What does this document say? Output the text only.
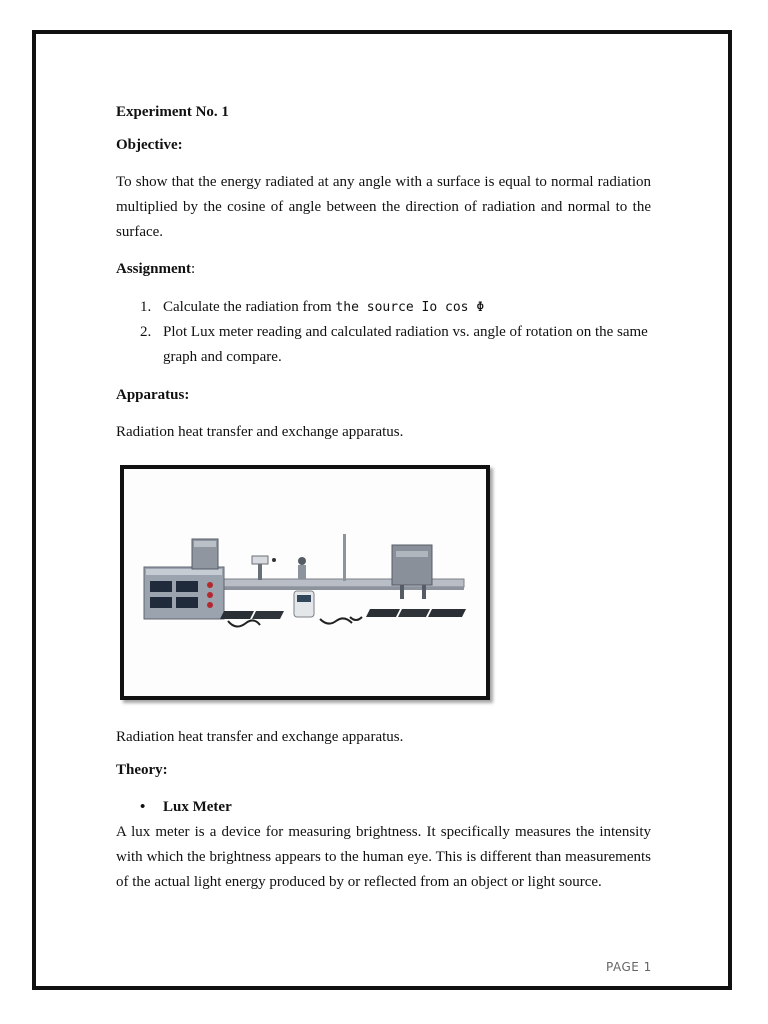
Experiment No. 1

Objective:

To show that the energy radiated at any angle with a surface is equal to normal radiation multiplied by the cosine of angle between the direction of radiation and normal to the surface.

Assignment:

1. Calculate the radiation from the source Io cos Φ
2. Plot Lux meter reading and calculated radiation vs. angle of rotation on the same graph and compare.

Apparatus:

Radiation heat transfer and exchange apparatus.

Radiation heat transfer and exchange apparatus.

Theory:

• Lux Meter

A lux meter is a device for measuring brightness. It specifically measures the intensity with which the brightness appears to the human eye. This is different than measurements of the actual light energy produced by or reflected from an object or light source.

PAGE 1
